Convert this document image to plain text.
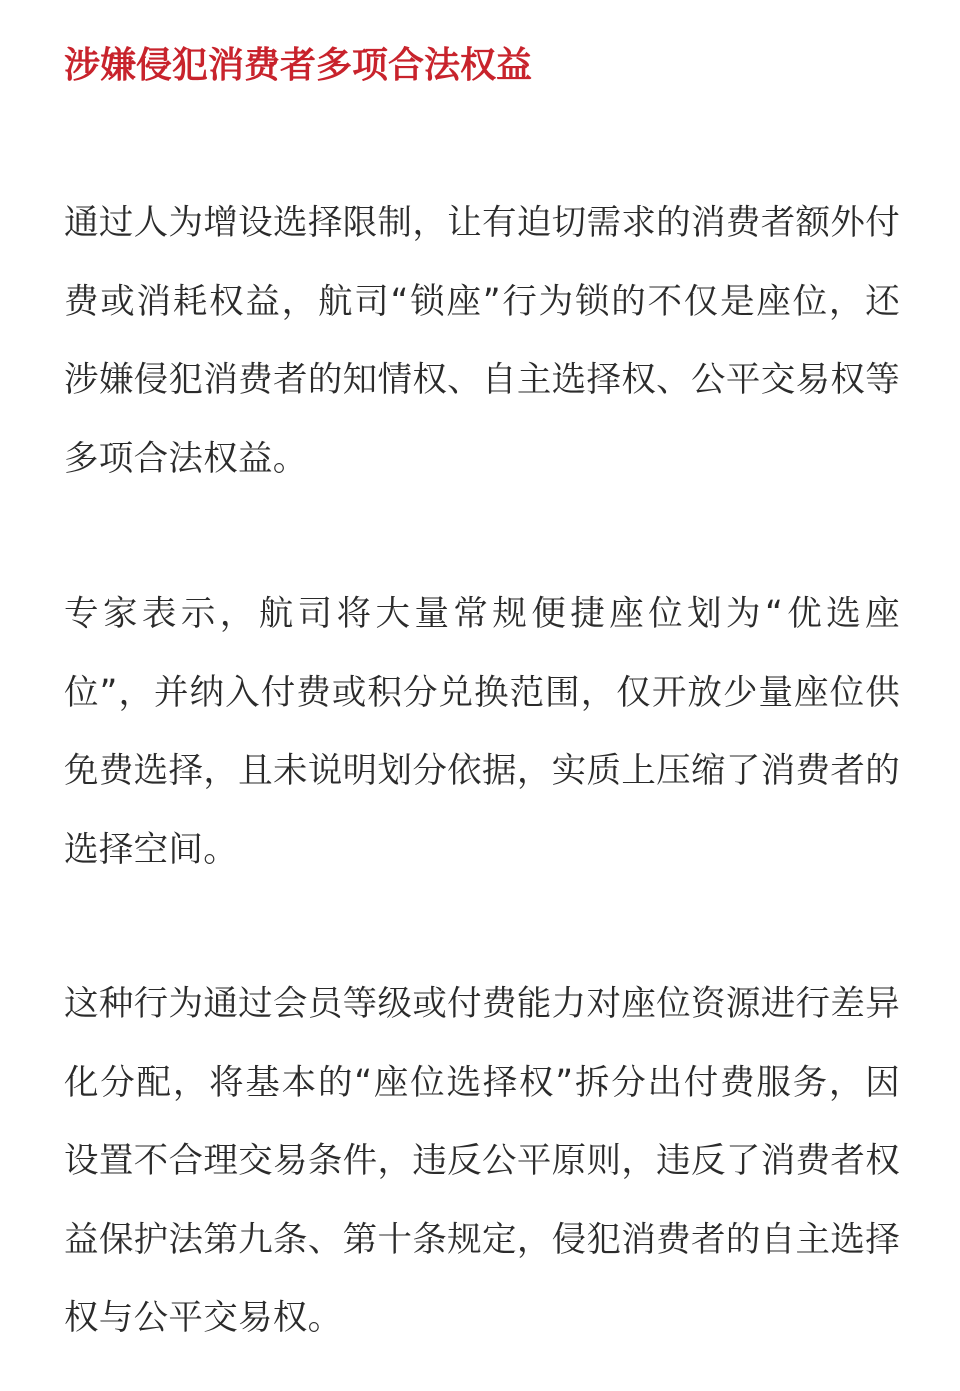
涉嫌侵犯消费者多项合法权益

通过人为增设选择限制，让有迫切需求的消费者额外付费或消耗权益，航司“锁座”行为锁的不仅是座位，还涉嫌侵犯消费者的知情权、自主选择权、公平交易权等多项合法权益。

专家表示，航司将大量常规便捷座位划为“优选座位”，并纳入付费或积分兑换范围，仅开放少量座位供免费选择，且未说明划分依据，实质上压缩了消费者的选择空间。

这种行为通过会员等级或付费能力对座位资源进行差异化分配，将基本的“座位选择权”拆分出付费服务，因设置不合理交易条件，违反公平原则，违反了消费者权益保护法第九条、第十条规定，侵犯消费者的自主选择权与公平交易权。
